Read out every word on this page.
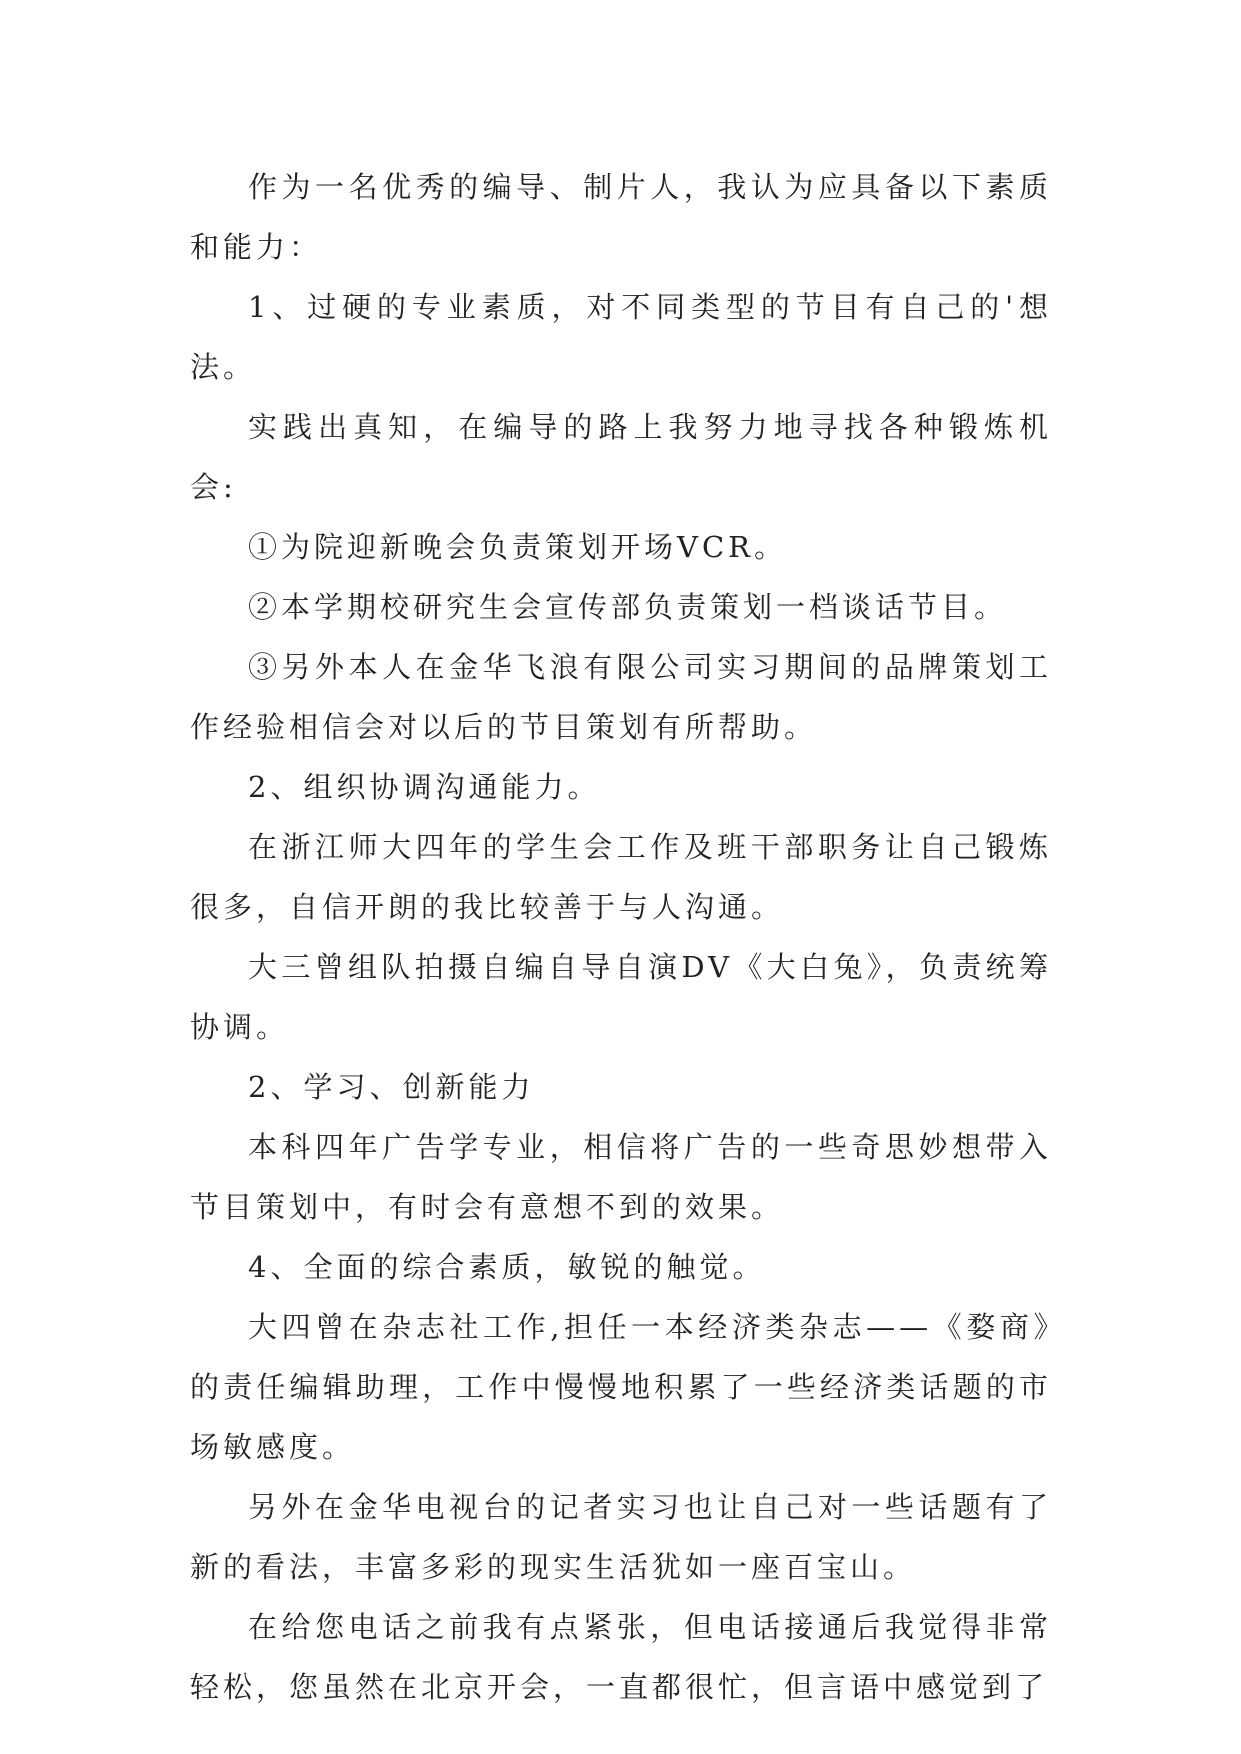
作为一名优秀的编导、制片人，我认为应具备以下素质和能力：

1、过硬的专业素质，对不同类型的节目有自己的'想法。

实践出真知，在编导的路上我努力地寻找各种锻炼机会:

①为院迎新晚会负责策划开场VCR。

②本学期校研究生会宣传部负责策划一档谈话节目。

③另外本人在金华飞浪有限公司实习期间的品牌策划工作经验相信会对以后的节目策划有所帮助。

2、组织协调沟通能力。

在浙江师大四年的学生会工作及班干部职务让自己锻炼很多，自信开朗的我比较善于与人沟通。

大三曾组队拍摄自编自导自演DV《大白兔》，负责统筹协调。

2、学习、创新能力

本科四年广告学专业，相信将广告的一些奇思妙想带入节目策划中，有时会有意想不到的效果。

4、全面的综合素质，敏锐的触觉。

大四曾在杂志社工作,担任一本经济类杂志——《婺商》的责任编辑助理，工作中慢慢地积累了一些经济类话题的市场敏感度。

另外在金华电视台的记者实习也让自己对一些话题有了新的看法，丰富多彩的现实生活犹如一座百宝山。

在给您电话之前我有点紧张，但电话接通后我觉得非常轻松，您虽然在北京开会，一直都很忙，但言语中感觉到了
